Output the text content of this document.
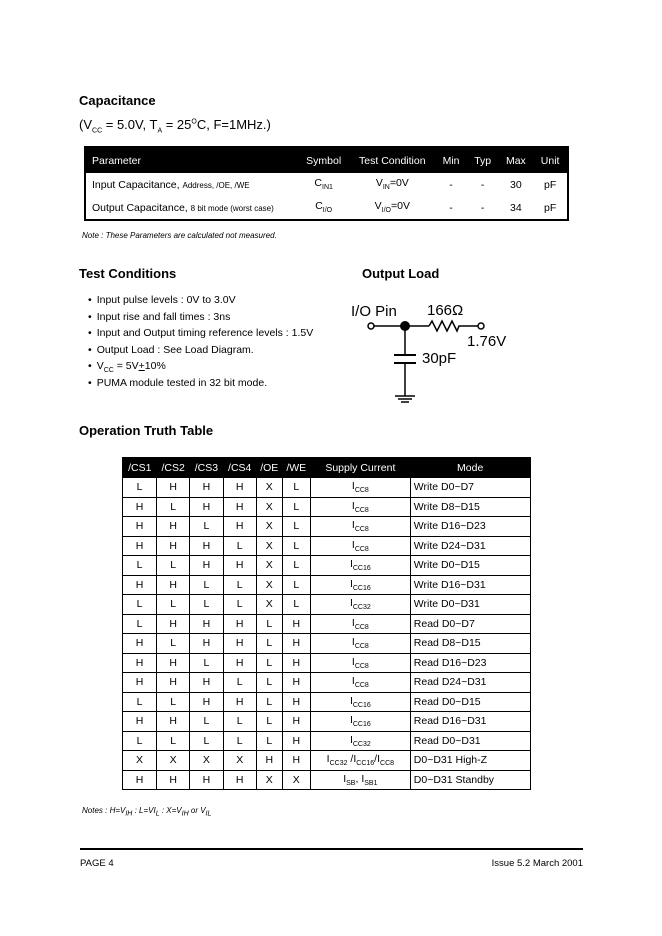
Capacitance
($V_{CC} = 5.0V$, $T_A = 25^OC$, F=1MHz.)
Parameter	Symbol	Test Condition	Min	Typ	Max	Unit
Input Capacitance, Address, /OE, /WE	$C_{IN1}$	$V_{IN}=0V$	-	-	30	pF
Output Capacitance, 8 bit mode (worst case)	$C_{I/O}$	$V_{I/O}=0V$	-	-	34	pF
Note : These Parameters are calculated not measured.
Test Conditions
• Input pulse levels : 0V to 3.0V
• Input rise and fall times : 3ns
• Input and Output timing reference levels : 1.5V
• Output Load : See Load Diagram.
• $V_{CC} = 5V+10\%$
• PUMA module tested in 32 bit mode.
Output Load
I/O Pin 166Ω
1.76V
30pF
Operation Truth Table
/CS1	/CS2	/CS3	/CS4	/OE	/WE	Supply Current	Mode
L	H	H	H	X	L	$I_{CC8}$	Write D0~D7
H	L	H	H	X	L	$I_{CC8}$	Write D8~D15
H	H	L	H	X	L	$I_{CC8}$	Write D16~D23
H	H	H	L	X	L	$I_{CC8}$	Write D24~D31
L	L	H	H	X	L	$I_{CC16}$	Write D0~D15
H	H	L	L	X	L	$I_{CC16}$	Write D16~D31
L	L	L	L	X	L	$I_{CC32}$	Write D0~D31
L	H	H	H	L	H	$I_{CC8}$	Read D0~D7
H	L	H	H	L	H	$I_{CC8}$	Read D8~D15
H	H	L	H	L	H	$I_{CC8}$	Read D16~D23
H	H	H	L	L	H	$I_{CC8}$	Read D24~D31
L	L	H	H	L	H	$I_{CC16}$	Read D0~D15
H	H	L	L	L	H	$I_{CC16}$	Read D16~D31
L	L	L	L	L	H	$I_{CC32}$	Read D0~D31
X	X	X	X	H	H	$I_{CC32}$ $/I_{CC16}/I_{CC8}$	D0~D31 High-Z
H	H	H	H	X	X	$I_{SB}$, $I_{SB1}$	D0~D31 Standby
Notes : $H=V_{IH}$ : $L=VI_L$ : $X=V_{IH}$ or $V_{IL}$
PAGE 4	Issue 5.2 March 2001
